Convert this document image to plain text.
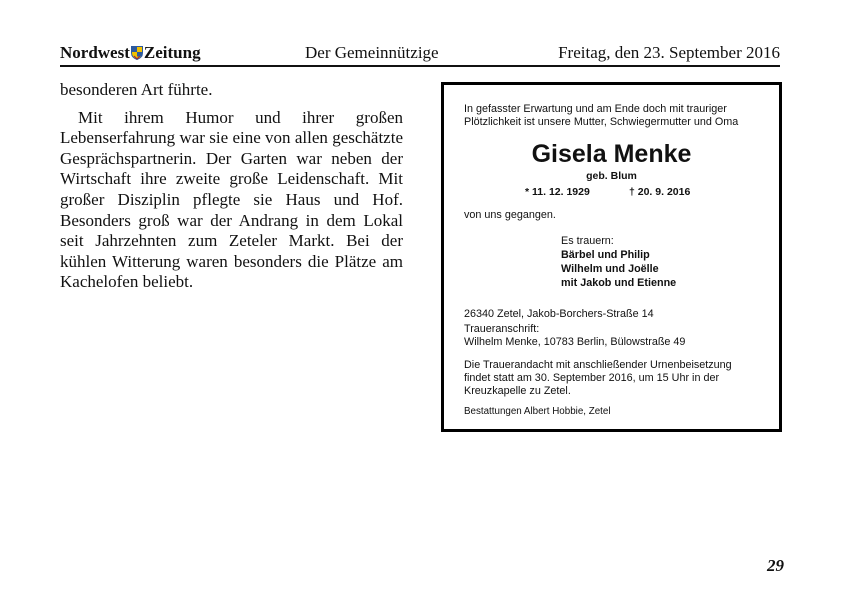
Nordwest Zeitung	Der Gemeinnützige	Freitag, den 23. September 2016

besonderen Art führte.

Mit ihrem Humor und ihrer großen Lebenserfahrung war sie eine von allen geschätzte Gesprächspartnerin. Der Garten war neben der Wirtschaft ihre zweite große Leidenschaft. Mit großer Disziplin pflegte sie Haus und Hof. Besonders groß war der Andrang in dem Lokal seit Jahrzehnten zum Zeteler Markt. Bei der kühlen Witterung waren besonders die Plätze am Kachelofen beliebt.

In gefasster Erwartung und am Ende doch mit trauriger
Plötzlichkeit ist unsere Mutter, Schwiegermutter und Oma
Gisela Menke
geb. Blum
* 11. 12. 1929	† 20. 9. 2016
von uns gegangen.
Es trauern:
Bärbel und Philip
Wilhelm und Joëlle
mit Jakob und Etienne
26340 Zetel, Jakob-Borchers-Straße 14
Traueranschrift:
Wilhelm Menke, 10783 Berlin, Bülowstraße 49
Die Trauerandacht mit anschließender Urnenbeisetzung
findet statt am 30. September 2016, um 15 Uhr in der
Kreuzkapelle zu Zetel.
Bestattungen Albert Hobbie, Zetel
29
